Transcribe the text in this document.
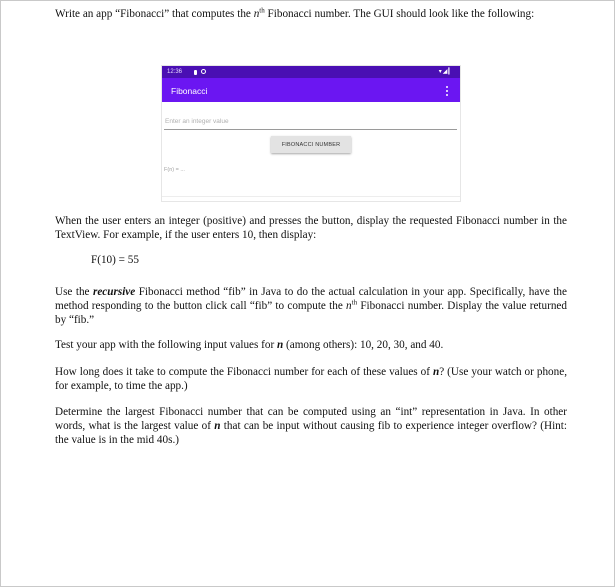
Write an app “Fibonacci” that computes the $n^{th}$ Fibonacci number. The GUI should look like the following:
12:36	▾◢▎
Fibonacci
Enter an integer value
FIBONACCI NUMBER
F(n) = ...
When the user enters an integer (positive) and presses the button, display the requested Fibonacci number in the TextView. For example, if the user enters 10, then display:
F(10) = 55
Use the recursive Fibonacci method “fib” in Java to do the actual calculation in your app. Specifically, have the method responding to the button click call “fib” to compute the $n^{th}$ Fibonacci number. Display the value returned by “fib.”
Test your app with the following input values for n (among others): 10, 20, 30, and 40.
How long does it take to compute the Fibonacci number for each of these values of n? (Use your watch or phone, for example, to time the app.)
Determine the largest Fibonacci number that can be computed using an “int” representation in Java. In other words, what is the largest value of n that can be input without causing fib to experience integer overflow? (Hint: the value is in the mid 40s.)
